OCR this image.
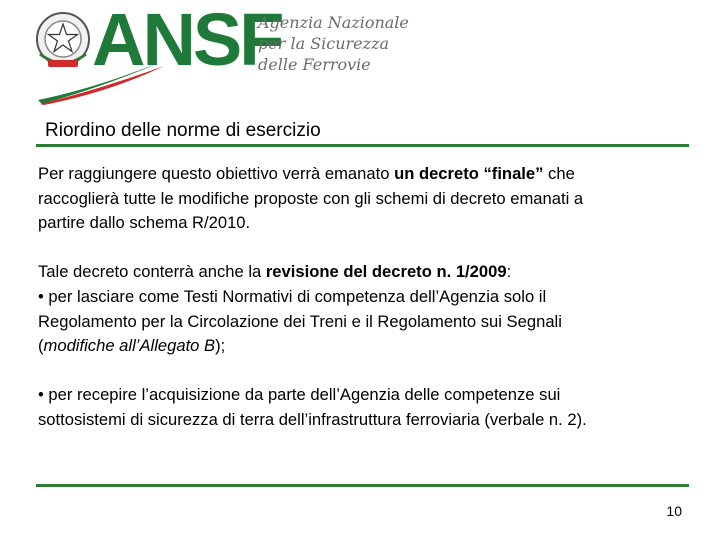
ANSF
Agenzia Nazionale
per la Sicurezza
delle Ferrovie
Riordino delle norme di esercizio

Per raggiungere questo obiettivo verrà emanato un decreto “finale” che

raccoglierà tutte le modifiche proposte con gli schemi di decreto emanati a

partire dallo schema R/2010.

Tale decreto conterrà anche la revisione del decreto n. 1/2009:

• per lasciare come Testi Normativi di competenza dell’Agenzia solo il

Regolamento per la Circolazione dei Treni e il Regolamento sui Segnali

(modifiche all’Allegato B);

• per recepire l’acquisizione da parte dell’Agenzia delle competenze sui

sottosistemi di sicurezza di terra dell’infrastruttura ferroviaria (verbale n. 2).

10
